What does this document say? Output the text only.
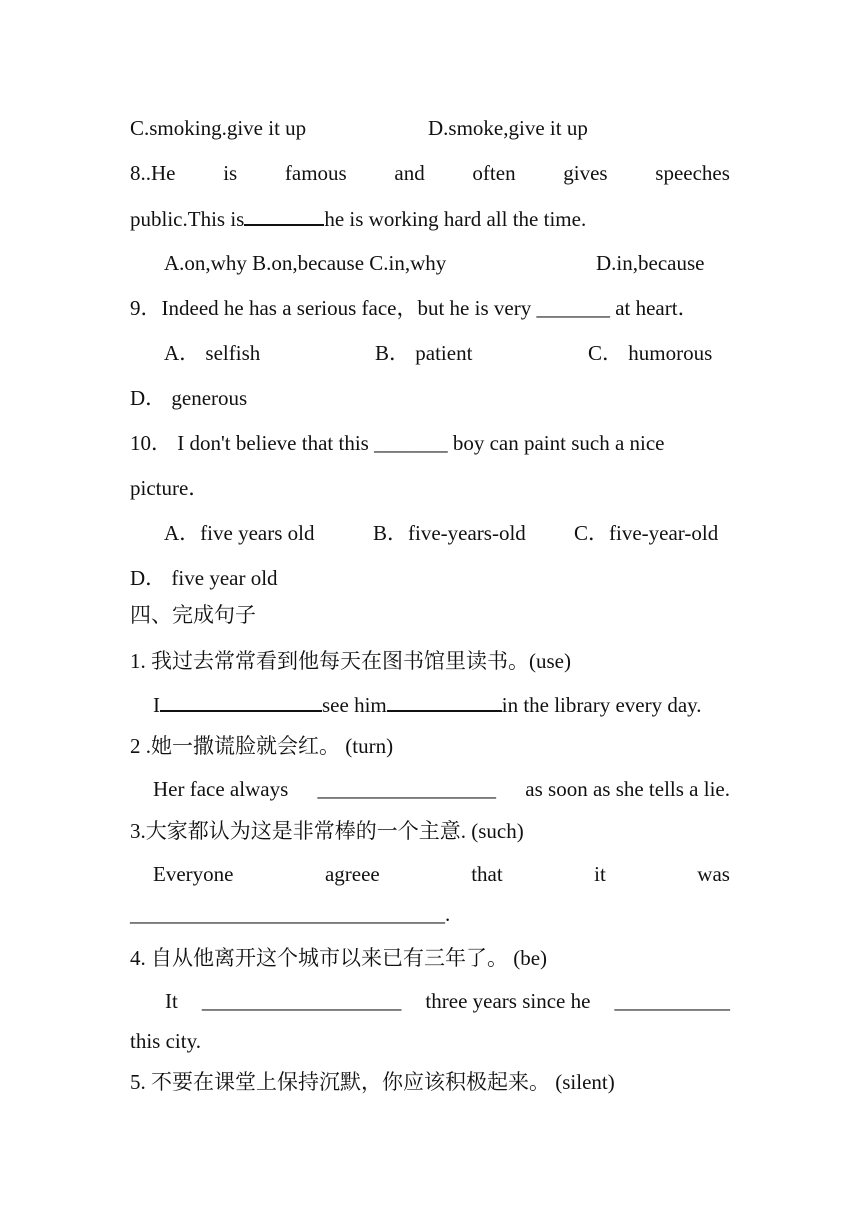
C.smoking.give it up	D.smoke,give it up
8..He is famous and often gives speeches
public.This is	he is working hard all the time.
A.on,why B.on,because C.in,why	D.in,because
9．Indeed he has a serious face，but he is very _______ at heart．
A． selfish	B． patient	C． humorous
D． generous
10． I don't believe that this _______ boy can paint such a nice
picture．
A．five years old	B．five-years-old C．five-year-old
D． five year old
四、完成句子
1. 我过去常常看到他每天在图书馆里读书。(use)
I	see him	in the library every day.
2 .她一撒谎脸就会红。 (turn)
Her face always _________________ as soon as she tells a lie.
3.大家都认为这是非常棒的一个主意. (such)
Everyone	agreee	that	it	was
______________________________.
4. 自从他离开这个城市以来已有三年了。 (be)
It ___________________ three years since he ___________
this city.
5. 不要在课堂上保持沉默，你应该积极起来。 (silent)
